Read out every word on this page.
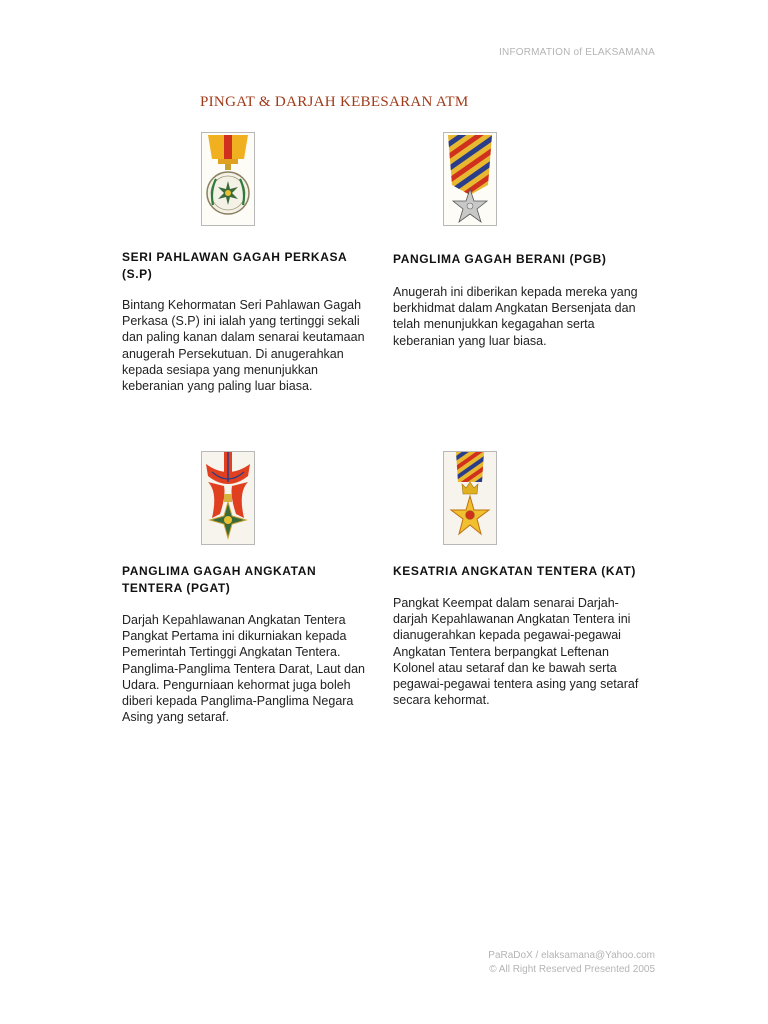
INFORMATION of ELAKSAMANA
PINGAT & DARJAH KEBESARAN ATM
SERI PAHLAWAN GAGAH PERKASA (S.P)

Bintang Kehormatan Seri Pahlawan Gagah Perkasa (S.P) ini ialah yang tertinggi sekali dan paling kanan dalam senarai keutamaan anugerah Persekutuan. Di anugerahkan kepada sesiapa yang menunjukkan keberanian yang paling luar biasa.

PANGLIMA GAGAH BERANI (PGB)

Anugerah ini diberikan kepada mereka yang berkhidmat dalam Angkatan Bersenjata dan telah menunjukkan kegagahan serta keberanian yang luar biasa.

PANGLIMA GAGAH ANGKATAN TENTERA (PGAT)

Darjah Kepahlawanan Angkatan Tentera Pangkat Pertama ini dikurniakan kepada Pemerintah Tertinggi Angkatan Tentera. Panglima-Panglima Tentera Darat, Laut dan Udara. Pengurniaan kehormat juga boleh diberi kepada Panglima-Panglima Negara Asing yang setaraf.

KESATRIA ANGKATAN TENTERA (KAT)

Pangkat Keempat dalam senarai Darjah-darjah Kepahlawanan Angkatan Tentera ini dianugerahkan kepada pegawai-pegawai Angkatan Tentera berpangkat Leftenan Kolonel atau setaraf dan ke bawah serta pegawai-pegawai tentera asing yang setaraf secara kehormat.

PaRaDoX / elaksamana@Yahoo.com
© All Right Reserved Presented 2005
